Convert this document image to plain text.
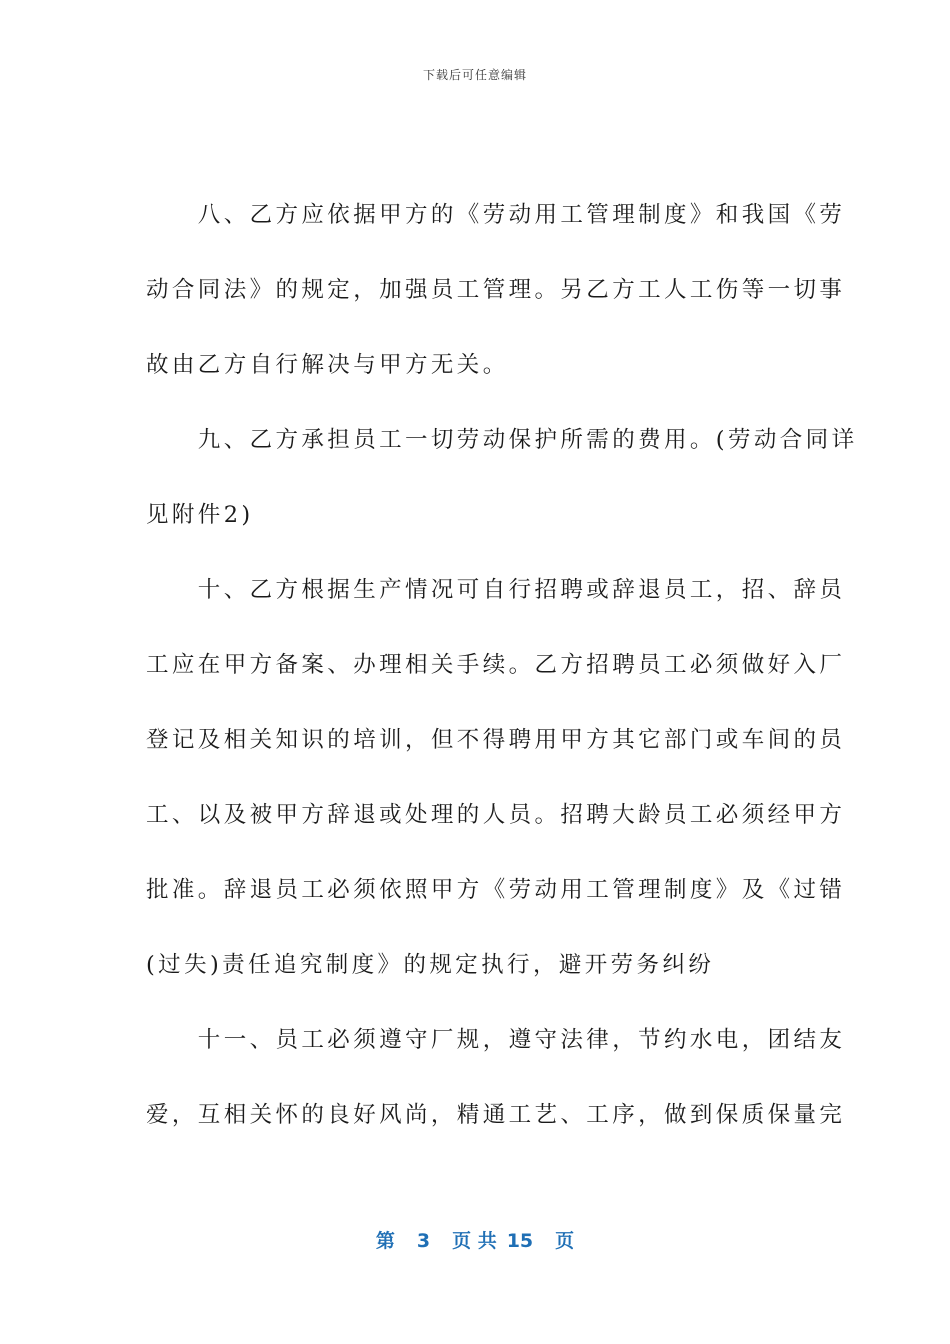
下载后可任意编辑
　　八、乙方应依据甲方的《劳动用工管理制度》和我国《劳
动合同法》的规定，加强员工管理。另乙方工人工伤等一切事
故由乙方自行解决与甲方无关。
　　九、乙方承担员工一切劳动保护所需的费用。(劳动合同详
见附件2)
　　十、乙方根据生产情况可自行招聘或辞退员工，招、辞员
工应在甲方备案、办理相关手续。乙方招聘员工必须做好入厂
登记及相关知识的培训，但不得聘用甲方其它部门或车间的员
工、以及被甲方辞退或处理的人员。招聘大龄员工必须经甲方
批准。辞退员工必须依照甲方《劳动用工管理制度》及《过错
(过失)责任追究制度》的规定执行，避开劳务纠纷
　　十一、员工必须遵守厂规，遵守法律，节约水电，团结友
爱，互相关怀的良好风尚，精通工艺、工序，做到保质保量完
第 3 页 共 15 页
